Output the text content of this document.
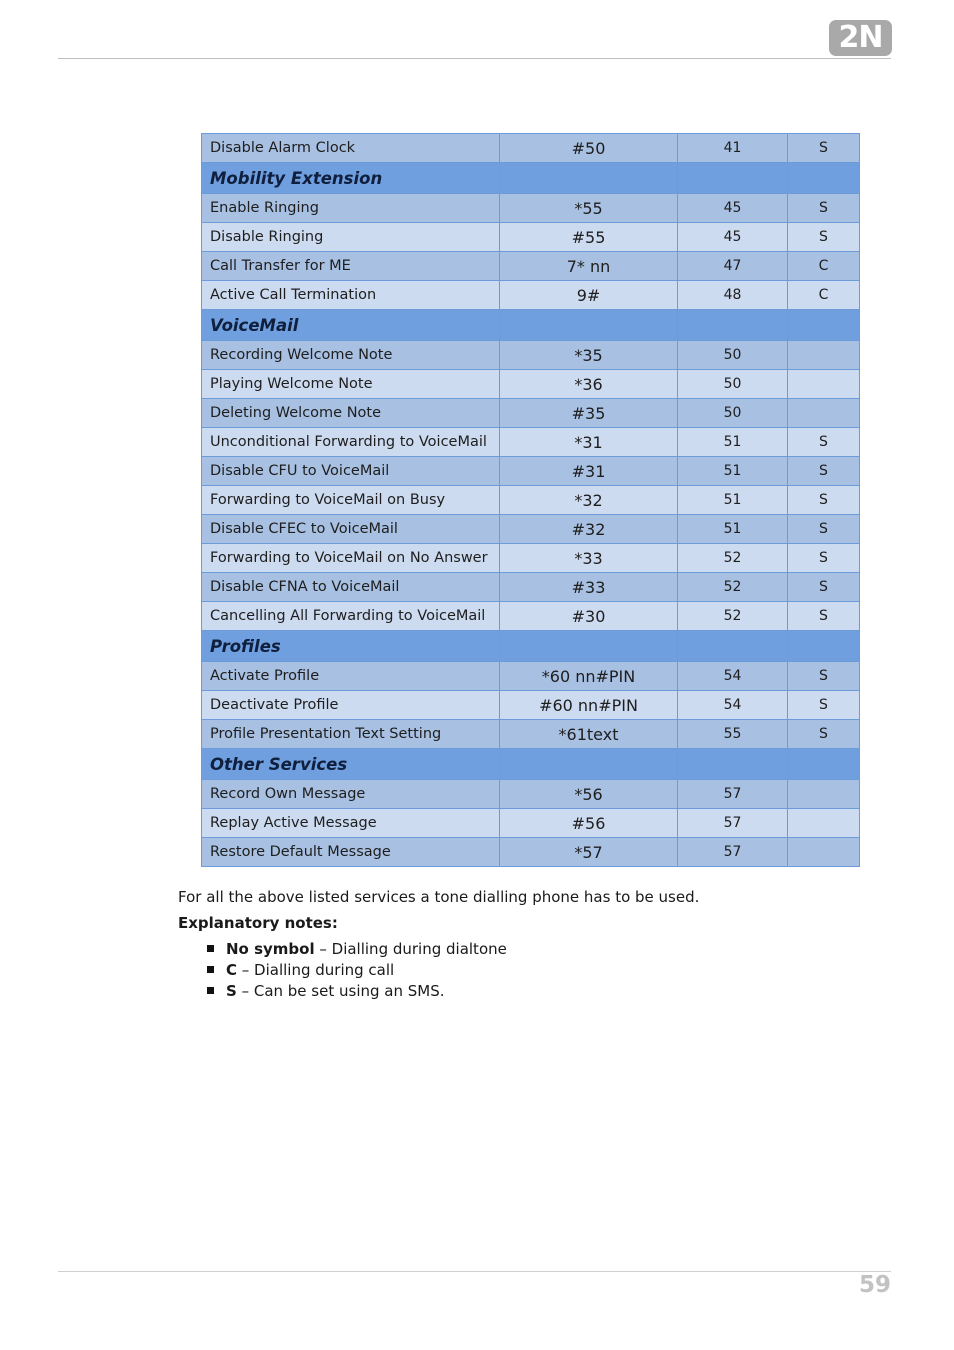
2N
Disable Alarm Clock	#50	41	S
Mobility Extension			
Enable Ringing	*55	45	S
Disable Ringing	#55	45	S
Call Transfer for ME	7* nn	47	C
Active Call Termination	9#	48	C
VoiceMail			
Recording Welcome Note	*35	50	
Playing Welcome Note	*36	50	
Deleting Welcome Note	#35	50	
Unconditional Forwarding to VoiceMail	*31	51	S
Disable CFU to VoiceMail	#31	51	S
Forwarding to VoiceMail on Busy	*32	51	S
Disable CFEC to VoiceMail	#32	51	S
Forwarding to VoiceMail on No Answer	*33	52	S
Disable CFNA to VoiceMail	#33	52	S
Cancelling All Forwarding to VoiceMail	#30	52	S
Profiles			
Activate Profile	*60 nn#PIN	54	S
Deactivate Profile	#60 nn#PIN	54	S
Profile Presentation Text Setting	*61text	55	S
Other Services			
Record Own Message	*56	57	
Replay Active Message	#56	57	
Restore Default Message	*57	57	

For all the above listed services a tone dialling phone has to be used.

Explanatory notes:

No symbol – Dialling during dialtone
C – Dialling during call
S – Can be set using an SMS.
59
